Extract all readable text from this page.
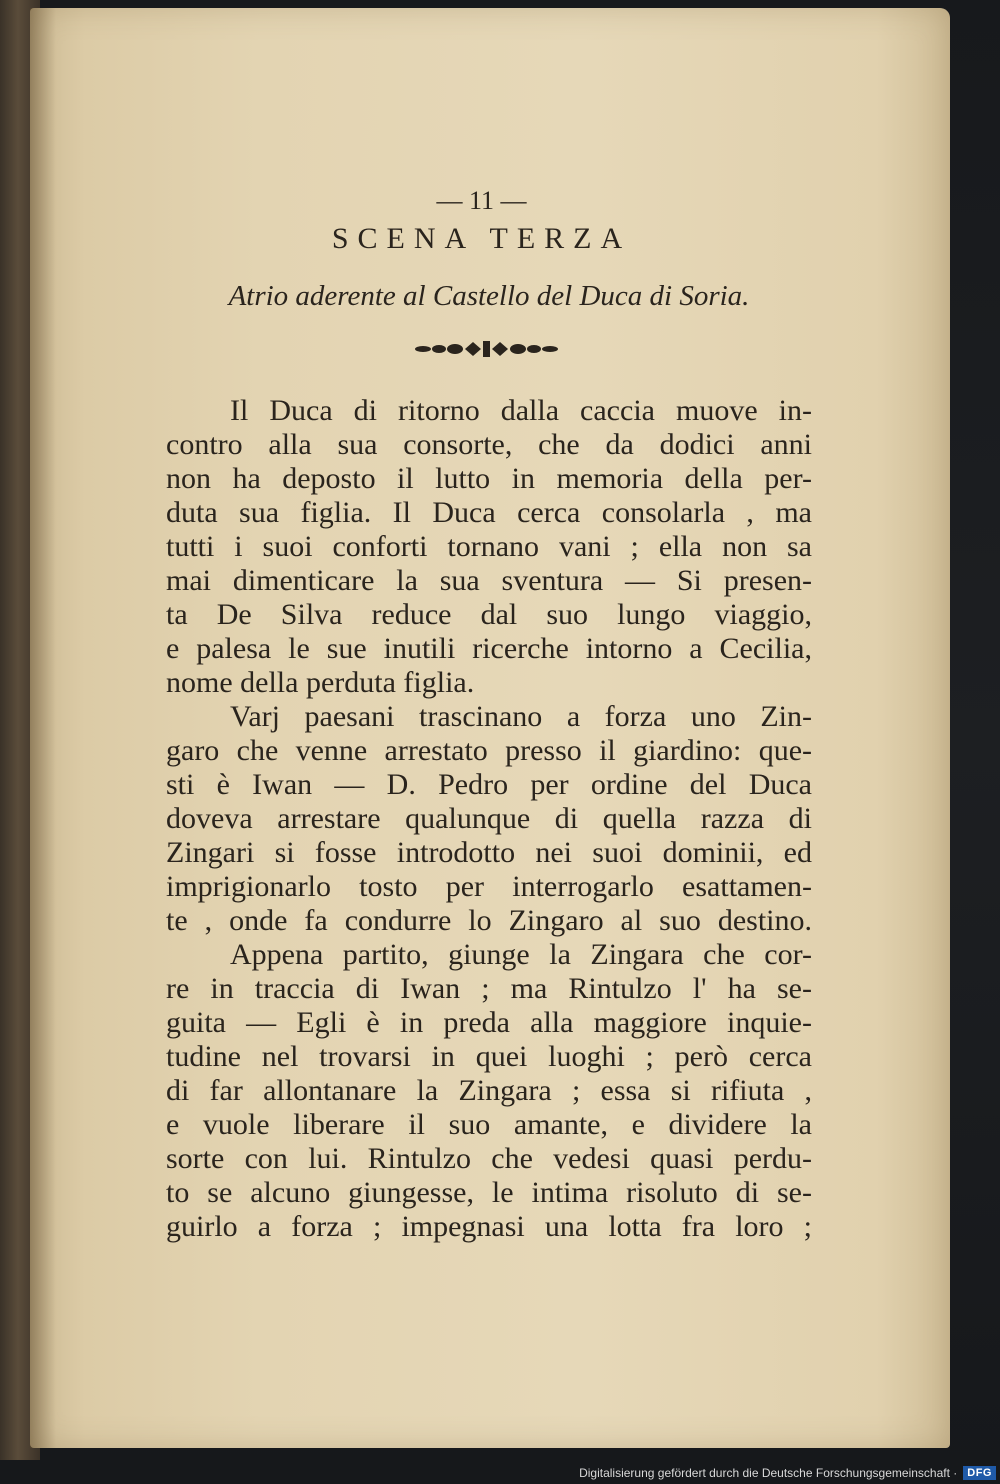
— 11 —
SCENA TERZA
Atrio aderente al Castello del Duca di Soria.
Il Duca di ritorno dalla caccia muove in-
contro alla sua consorte, che da dodici anni
non ha deposto il lutto in memoria della per-
duta sua figlia. Il Duca cerca consolarla , ma
tutti i suoi conforti tornano vani ; ella non sa
mai dimenticare la sua sventura — Si presen-
ta De Silva reduce dal suo lungo viaggio,
e palesa le sue inutili ricerche intorno a Cecilia,
nome della perduta figlia.
Varj paesani trascinano a forza uno Zin-
garo che venne arrestato presso il giardino: que-
sti è Iwan — D. Pedro per ordine del Duca
doveva arrestare qualunque di quella razza di
Zingari si fosse introdotto nei suoi dominii, ed
imprigionarlo tosto per interrogarlo esattamen-
te , onde fa condurre lo Zingaro al suo destino.
Appena partito, giunge la Zingara che cor-
re in traccia di Iwan ; ma Rintulzo l' ha se-
guita — Egli è in preda alla maggiore inquie-
tudine nel trovarsi in quei luoghi ; però cerca
di far allontanare la Zingara ; essa si rifiuta ,
e vuole liberare il suo amante, e dividere la
sorte con lui. Rintulzo che vedesi quasi perdu-
to se alcuno giungesse, le intima risoluto di se-
guirlo a forza ; impegnasi una lotta fra loro ;
Digitalisierung gefördert durch die Deutsche Forschungsgemeinschaft · DFG
